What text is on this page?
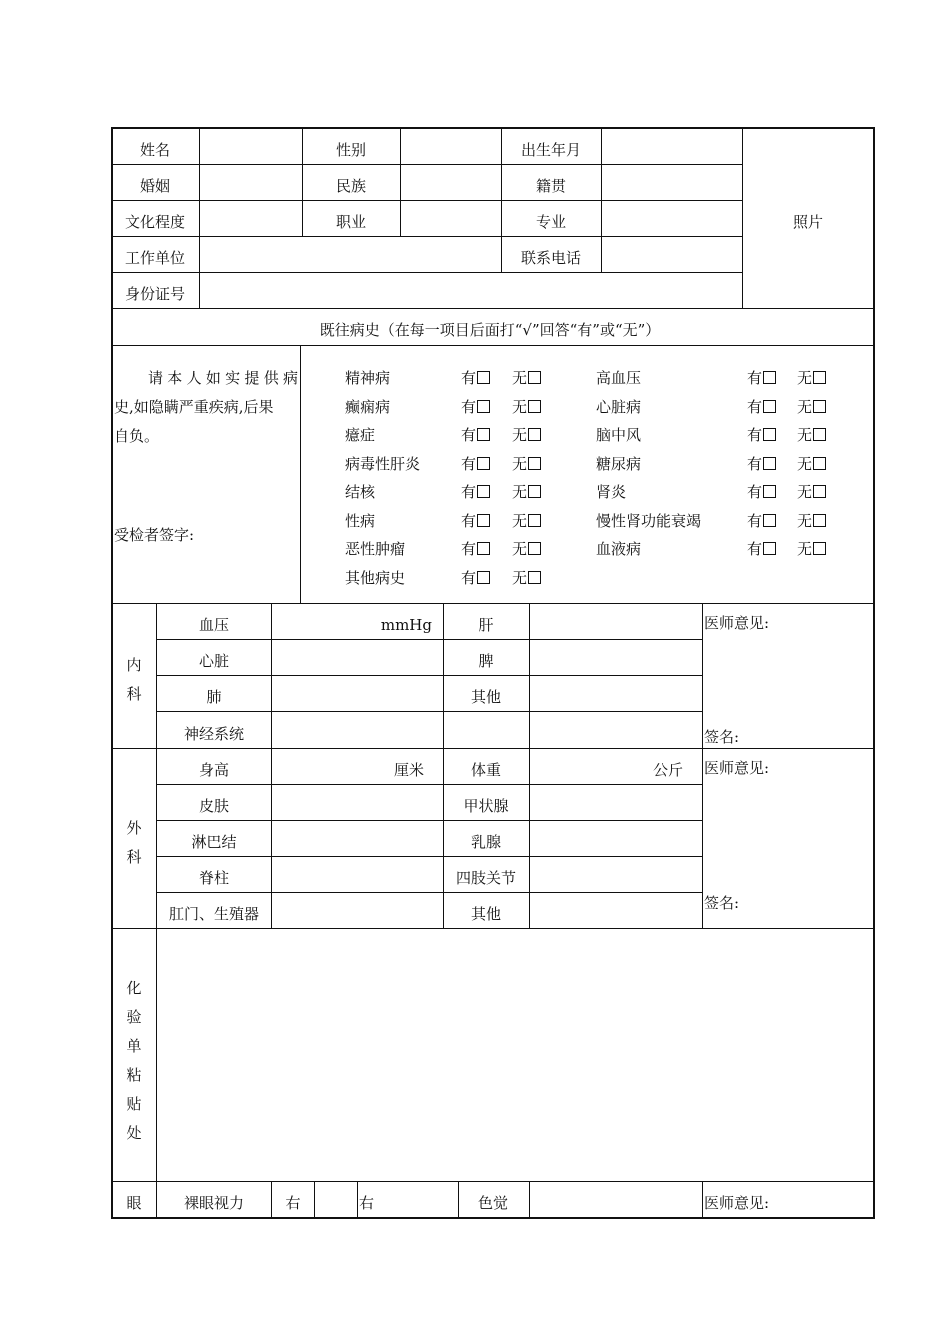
姓名	性别	出生年月
婚姻	民族	籍贯
文化程度	职业	专业
工作单位	联系电话
身份证号
照片
既往病史（在每一项目后面打“√”回答“有”或“无”）
请本人如实提供病
史,如隐瞒严重疾病,后果
自负。
受检者签字:
精神病	有	无
癫痫病	有	无
癔症	有	无
病毒性肝炎	有	无
结核	有	无
性病	有	无
恶性肿瘤	有	无
其他病史	有	无
高血压	有	无
心脏病	有	无
脑中风	有	无
糖尿病	有	无
肾炎	有	无
慢性肾功能衰竭	有	无
血液病	有	无
内
科
血压	mmHg	肝
心脏	脾
肺	其他
神经系统
医师意见:
签名:
外
科
身高	厘米	体重	公斤
皮肤	甲状腺
淋巴结	乳腺
脊柱	四肢关节
肛门、生殖器	其他
医师意见:
签名:
化
验
单
粘
贴
处
眼	裸眼视力	右	右	色觉	医师意见:
